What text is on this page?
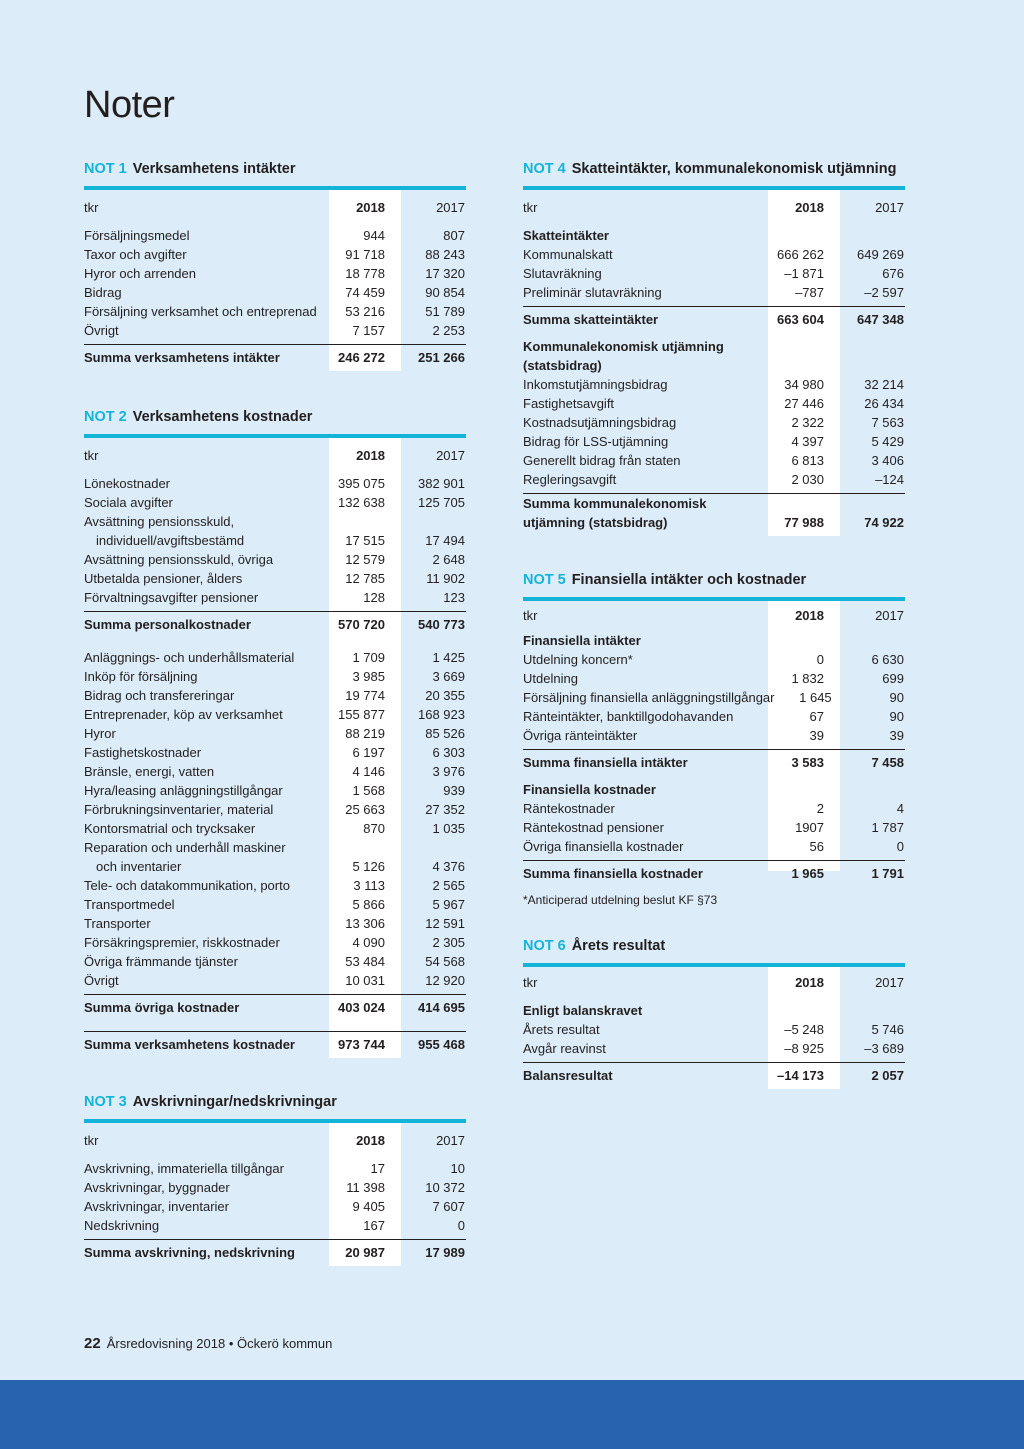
Noter
NOT 1 Verksamhetens intäkter
tkr	2018	2017
Försäljningsmedel	944	807
Taxor och avgifter	91 718	88 243
Hyror och arrenden	18 778	17 320
Bidrag	74 459	90 854
Försäljning verksamhet och entreprenad	53 216	51 789
Övrigt	7 157	2 253
Summa verksamhetens intäkter	246 272	251 266
NOT 2 Verksamhetens kostnader
tkr	2018	2017
Lönekostnader	395 075	382 901
Sociala avgifter	132 638	125 705
Avsättning pensionsskuld,
individuell/avgiftsbestämd	17 515	17 494
Avsättning pensionsskuld, övriga	12 579	2 648
Utbetalda pensioner, ålders	12 785	11 902
Förvaltningsavgifter pensioner	128	123
Summa personalkostnader	570 720	540 773
Anläggnings- och underhållsmaterial	1 709	1 425
Inköp för försäljning	3 985	3 669
Bidrag och transfereringar	19 774	20 355
Entreprenader, köp av verksamhet	155 877	168 923
Hyror	88 219	85 526
Fastighetskostnader	6 197	6 303
Bränsle, energi, vatten	4 146	3 976
Hyra/leasing anläggningstillgångar	1 568	939
Förbrukningsinventarier, material	25 663	27 352
Kontorsmatrial och trycksaker	870	1 035
Reparation och underhåll maskiner
och inventarier	5 126	4 376
Tele- och datakommunikation, porto	3 113	2 565
Transportmedel	5 866	5 967
Transporter	13 306	12 591
Försäkringspremier, riskkostnader	4 090	2 305
Övriga främmande tjänster	53 484	54 568
Övrigt	10 031	12 920
Summa övriga kostnader	403 024	414 695
Summa verksamhetens kostnader	973 744	955 468
NOT 3 Avskrivningar/nedskrivningar
tkr	2018	2017
Avskrivning, immateriella tillgångar	17	10
Avskrivningar, byggnader	11 398	10 372
Avskrivningar, inventarier	9 405	7 607
Nedskrivning	167	0
Summa avskrivning, nedskrivning	20 987	17 989
NOT 4 Skatteintäkter, kommunalekonomisk utjämning
tkr	2018	2017
Skatteintäkter
Kommunalskatt	666 262	649 269
Slutavräkning	–1 871	676
Preliminär slutavräkning	–787	–2 597
Summa skatteintäkter	663 604	647 348
Kommunalekonomisk utjämning
(statsbidrag)
Inkomstutjämningsbidrag	34 980	32 214
Fastighetsavgift	27 446	26 434
Kostnadsutjämningsbidrag	2 322	7 563
Bidrag för LSS-utjämning	4 397	5 429
Generellt bidrag från staten	6 813	3 406
Regleringsavgift	2 030	–124
Summa kommunalekonomisk
utjämning (statsbidrag)	77 988	74 922
NOT 5 Finansiella intäkter och kostnader
tkr	2018	2017
Finansiella intäkter
Utdelning koncern*	0	6 630
Utdelning	1 832	699
Försäljning finansiella anläggningstillgångar	1 645	90
Ränteintäkter, banktillgodohavanden	67	90
Övriga ränteintäkter	39	39
Summa finansiella intäkter	3 583	7 458
Finansiella kostnader
Räntekostnader	2	4
Räntekostnad pensioner	1907	1 787
Övriga finansiella kostnader	56	0
Summa finansiella kostnader	1 965	1 791
*Anticiperad utdelning beslut KF §73
NOT 6 Årets resultat
tkr	2018	2017
Enligt balanskravet
Årets resultat	–5 248	5 746
Avgår reavinst	–8 925	–3 689
Balansresultat	–14 173	2 057
22 Årsredovisning 2018 • Öckerö kommun
